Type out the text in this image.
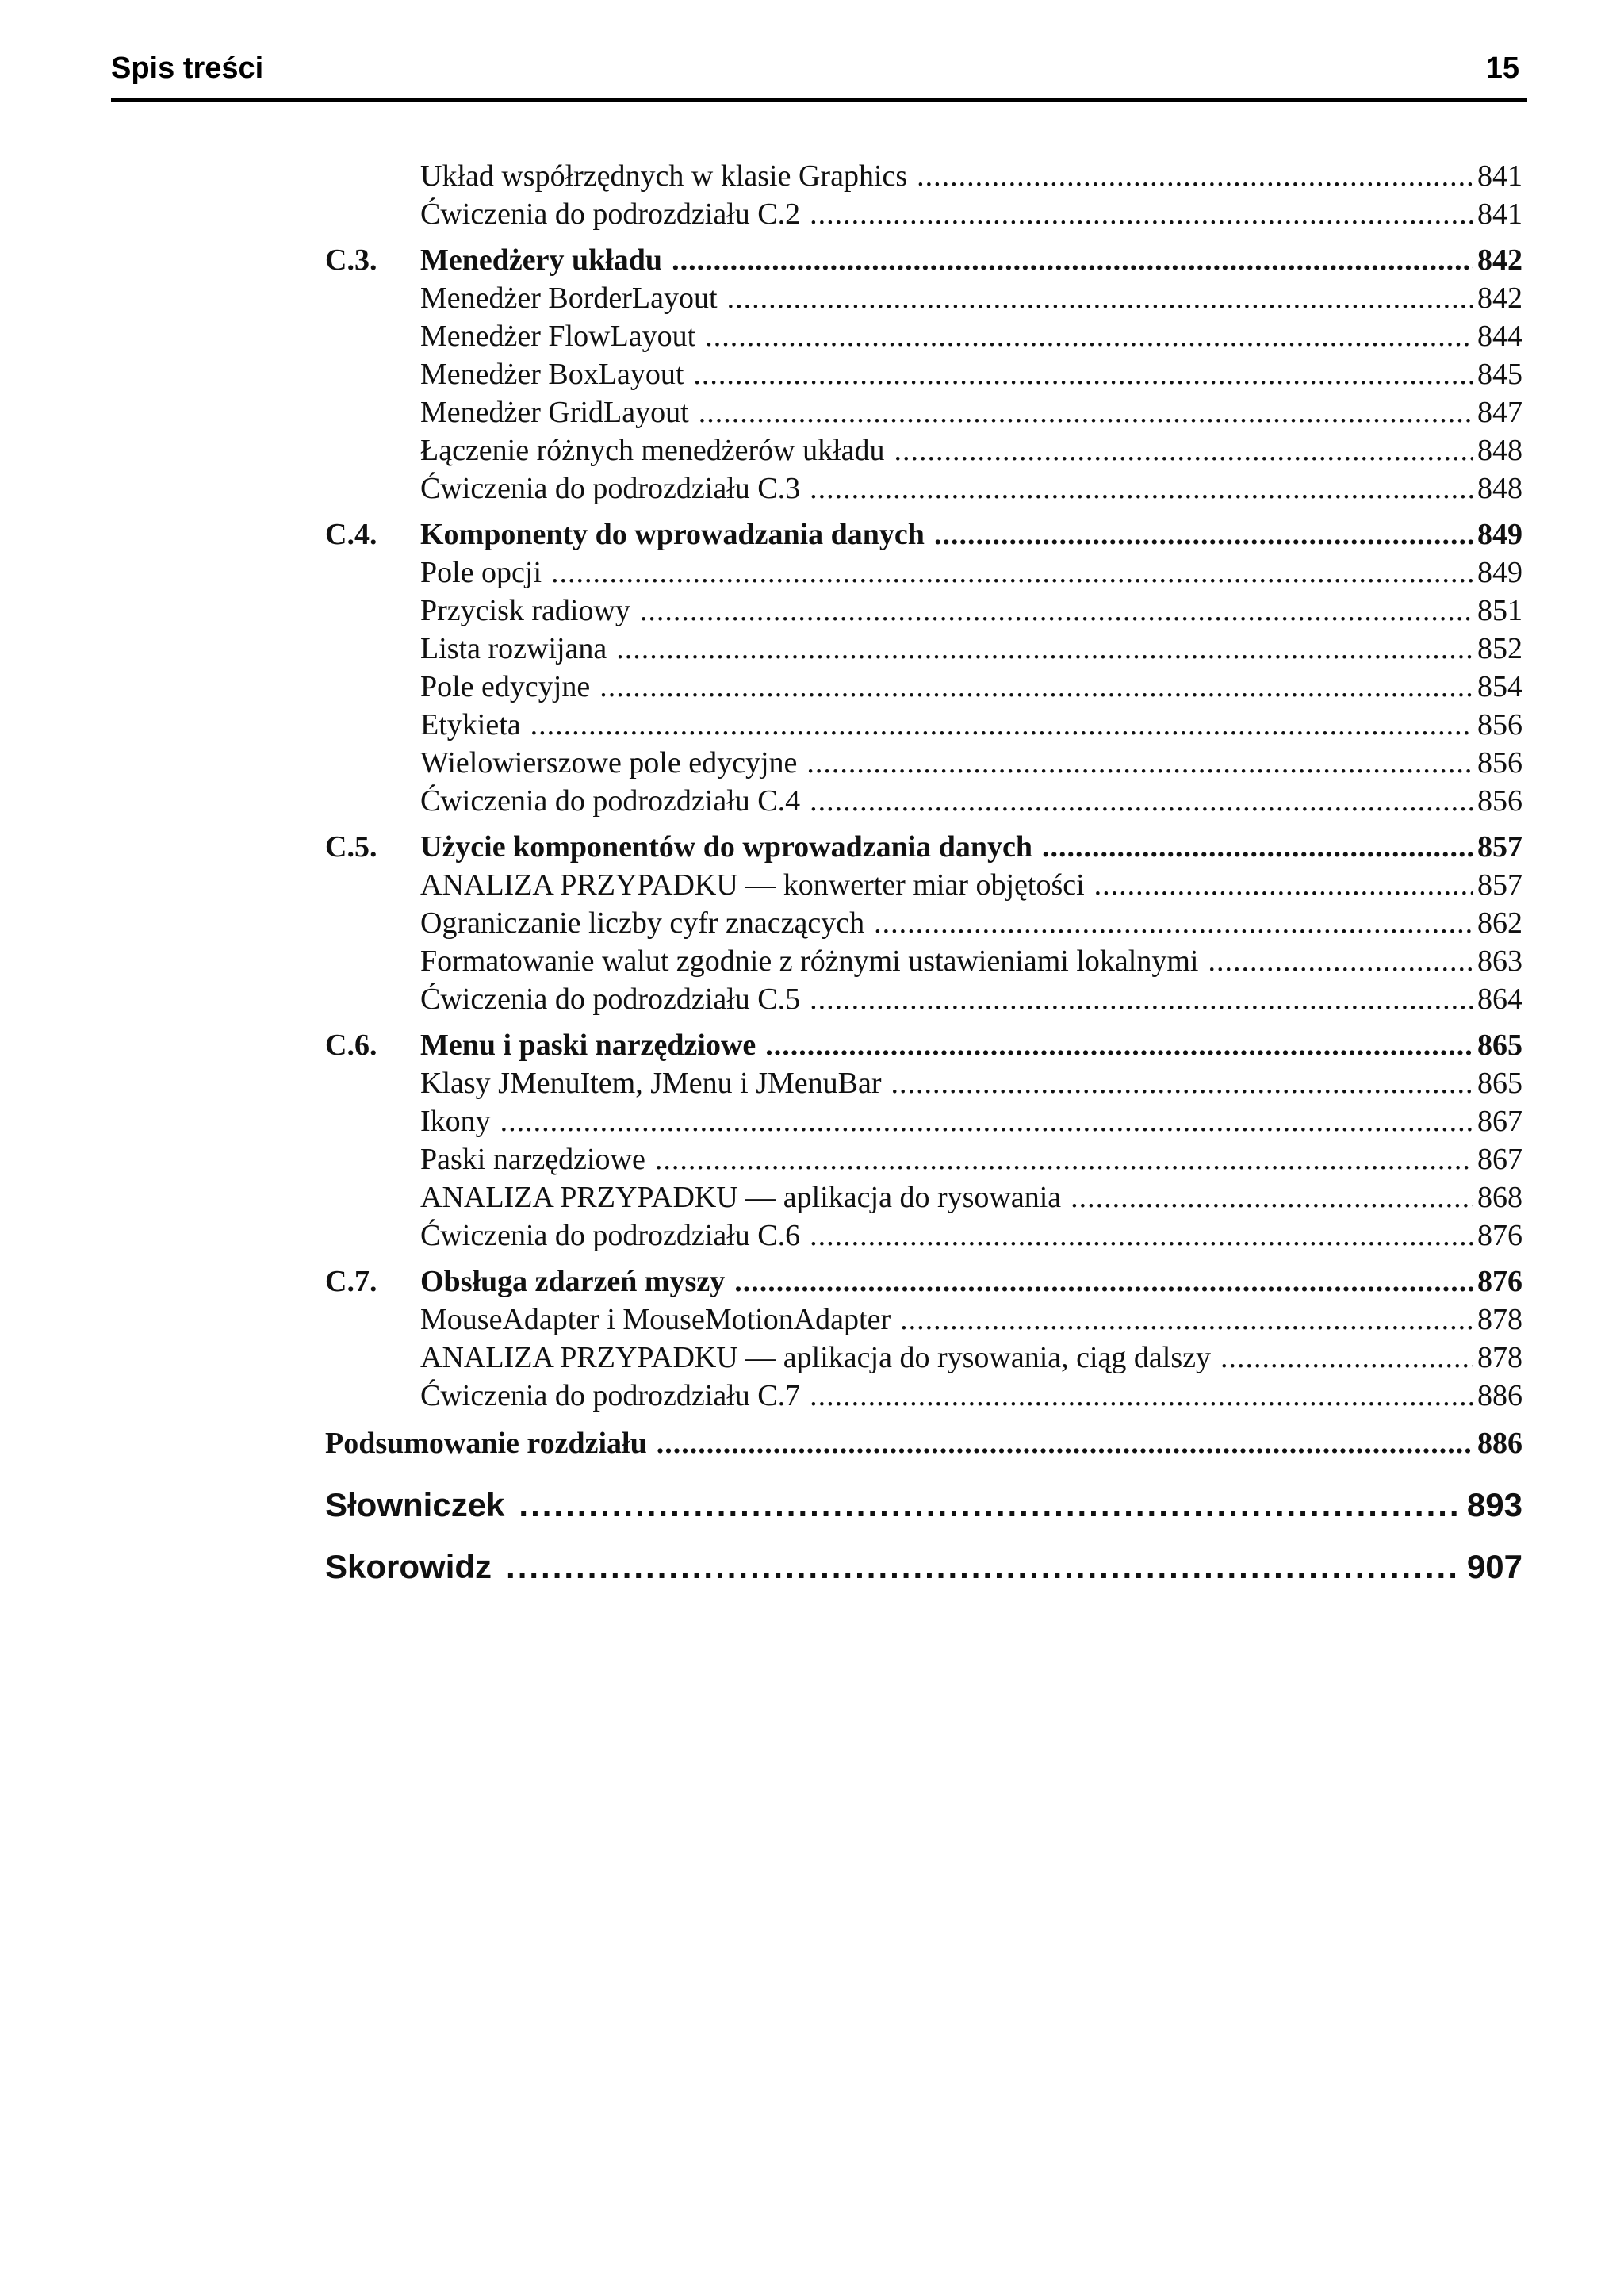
Spis treści	15
Układ współrzędnych w klasie Graphics .....	841
Ćwiczenia do podrozdziału C.2 .....	841
C.3. Menedżery układu .....	842
Menedżer BorderLayout .....	842
Menedżer FlowLayout .....	844
Menedżer BoxLayout .....	845
Menedżer GridLayout .....	847
Łączenie różnych menedżerów układu .....	848
Ćwiczenia do podrozdziału C.3 .....	848
C.4. Komponenty do wprowadzania danych .....	849
Pole opcji .....	849
Przycisk radiowy .....	851
Lista rozwijana .....	852
Pole edycyjne .....	854
Etykieta .....	856
Wielowierszowe pole edycyjne .....	856
Ćwiczenia do podrozdziału C.4 .....	856
C.5. Użycie komponentów do wprowadzania danych .....	857
ANALIZA PRZYPADKU — konwerter miar objętości .....	857
Ograniczanie liczby cyfr znaczących .....	862
Formatowanie walut zgodnie z różnymi ustawieniami lokalnymi .....	863
Ćwiczenia do podrozdziału C.5 .....	864
C.6. Menu i paski narzędziowe .....	865
Klasy JMenuItem, JMenu i JMenuBar .....	865
Ikony .....	867
Paski narzędziowe .....	867
ANALIZA PRZYPADKU — aplikacja do rysowania .....	868
Ćwiczenia do podrozdziału C.6 .....	876
C.7. Obsługa zdarzeń myszy .....	876
MouseAdapter i MouseMotionAdapter .....	878
ANALIZA PRZYPADKU — aplikacja do rysowania, ciąg dalszy .....	878
Ćwiczenia do podrozdziału C.7 .....	886
Podsumowanie rozdziału .....	886
Słowniczek .....	893
Skorowidz .....	907
